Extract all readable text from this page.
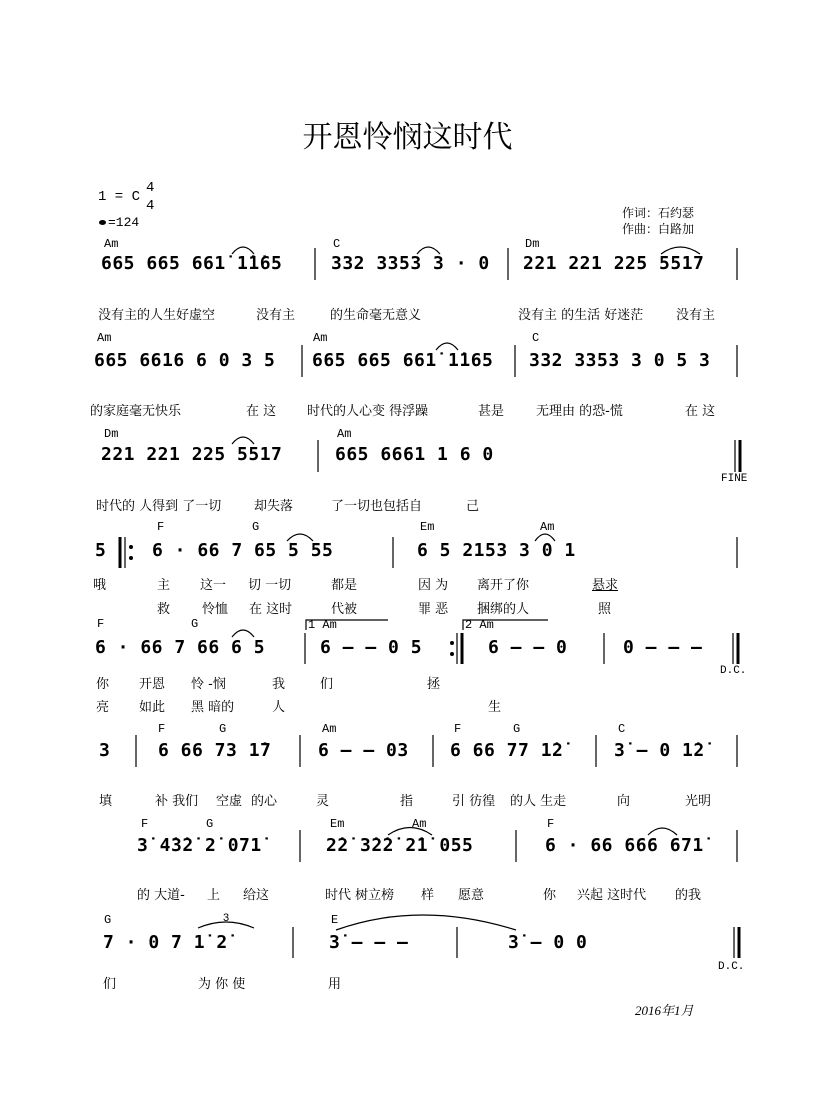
开恩怜悯这时代
1 = C
4
4
=124
作词：石约瑟
作曲：白路加
Am	C	Dm
665 665 661̇ 1̇1̇65	332 3353 3 · 0 221 221 225 5517
没有主的人生好虚空	没有主	的生命毫无意义	没有主 的生活 好迷茫	没有主
Am	Am	C
665 6616 6 0 3 5 665 665 661̇ 1̇165 332 3353 3 0 5 3
的家庭毫无快乐	在 这 时代的人心变 得浮躁	甚是 无理由 的恐-慌	在 这
Dm	Am
221 221 225 5517	665 6661 1 6 0
FINE
时代的 人得到 了一切	却失落	了一切也包括自	己
F	G	Em	Am
5	6 · 66 7 65 5 55	6 5 2153 3 0 1
哦	主 这一 切 一切	都是	因 为 离开了你	悬求
救 怜恤 在 这时	代被	罪 恶 捆绑的人	照
F	G	1 Am	2 Am
6 · 66 7 66 6 5	6 – – 0 5	6 – – 0	0 – – –
D.C.
你 开恩 怜 -悯	我	们	拯
亮 如此 黑 暗的	人	生
F	G	Am	F	G	C
3	6 66 73 1̇7	6 – – 03 6 66 77 1̇2̇	3̇ – 0 1̇2̇
填	补 我们 空虚 的心	灵	指	引 彷徨 的人 生走	向	光明
F	G	Em	Am	F
3̇ 4̇3̇2̇ 2̇ 071̇	2̇2̇ 3̇2̇2̇ 2̇1̇ 055	6 · 66 666 671̇
的 大道- 上 给这	时代 树立榜 样 愿意	你 兴起 这时代 的我
G	E
3
7 · 0 7 1̇ 2̇	3̇ – – –	3̇ – 0 0
D.C.
们	为 你 使	用
2016年1月
